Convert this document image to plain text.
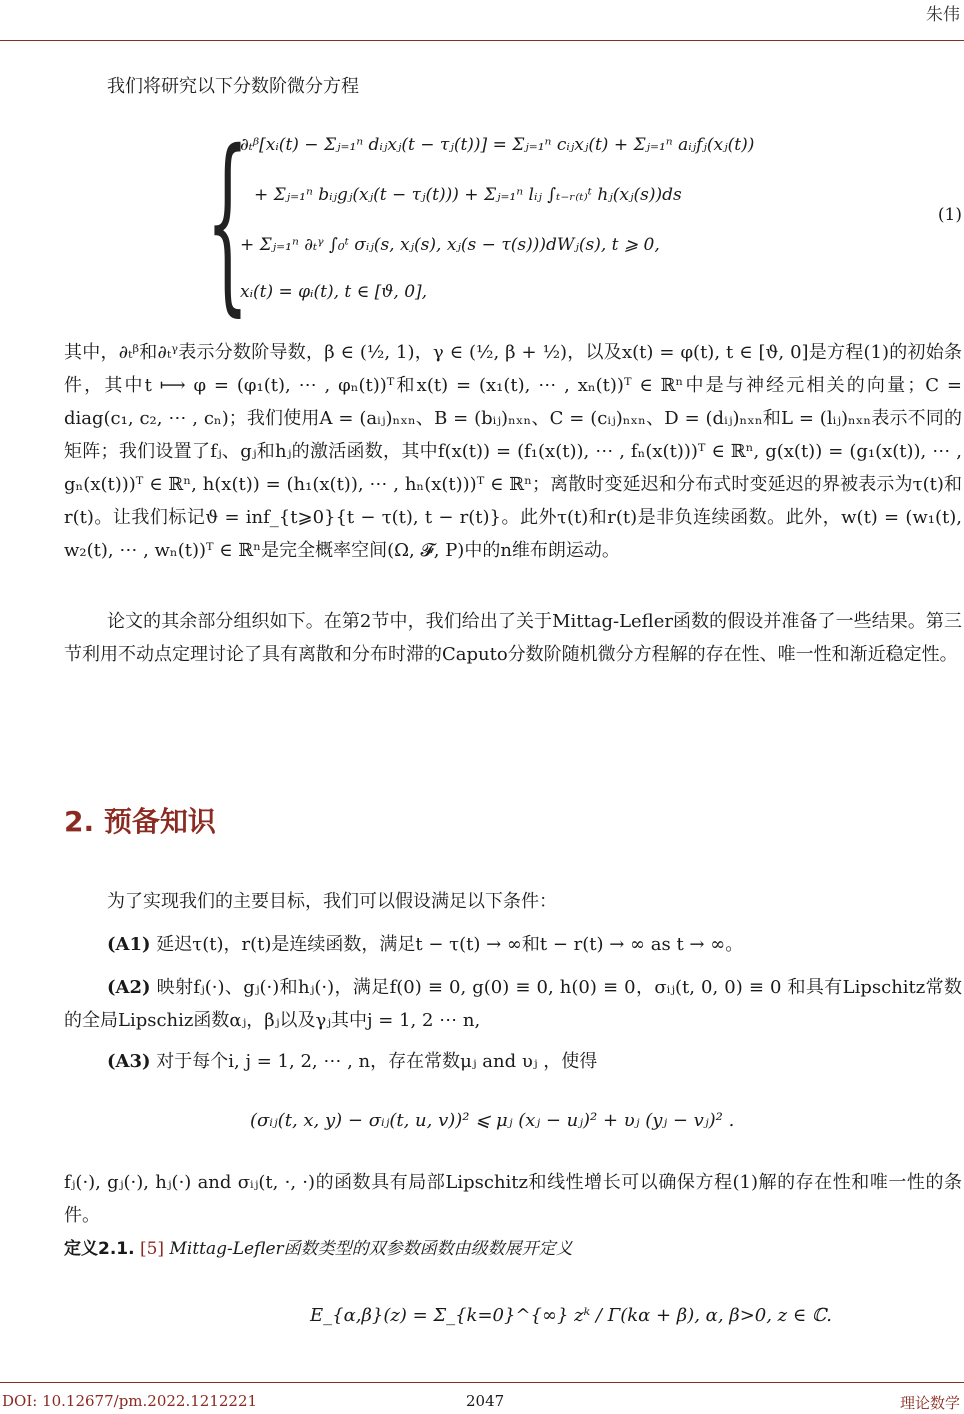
朱伟
我们将研究以下分数阶微分方程
{
∂ₜᵝ[xᵢ(t) − Σⱼ₌₁ⁿ dᵢⱼxⱼ(t − τⱼ(t))] = Σⱼ₌₁ⁿ cᵢⱼxⱼ(t) + Σⱼ₌₁ⁿ aᵢⱼfⱼ(xⱼ(t))
+ Σⱼ₌₁ⁿ bᵢⱼgⱼ(xⱼ(t − τⱼ(t))) + Σⱼ₌₁ⁿ lᵢⱼ ∫ₜ₋ᵣ₍ₜ₎ᵗ hⱼ(xⱼ(s))ds
+ Σⱼ₌₁ⁿ ∂ₜᵞ ∫₀ᵗ σᵢⱼ(s, xⱼ(s), xⱼ(s − τ(s)))dWⱼ(s), t ⩾ 0,
xᵢ(t) = φᵢ(t), t ∈ [ϑ, 0],
(1)
其中，∂ₜᵝ和∂ₜᵞ表示分数阶导数，β ∈ (½, 1)，γ ∈ (½, β + ½)，以及x(t) = φ(t), t ∈ [ϑ, 0]是方程(1)的初始条件，其中t ⟼ φ = (φ₁(t), ⋯ , φₙ(t))ᵀ和x(t) = (x₁(t), ⋯ , xₙ(t))ᵀ ∈ ℝⁿ中是与神经元相关的向量；C = diag(c₁, c₂, ⋯ , cₙ)；我们使用A = (aᵢⱼ)ₙₓₙ、B = (bᵢⱼ)ₙₓₙ、C = (cᵢⱼ)ₙₓₙ、D = (dᵢⱼ)ₙₓₙ和L = (lᵢⱼ)ₙₓₙ表示不同的矩阵；我们设置了fⱼ、gⱼ和hⱼ的激活函数，其中f(x(t)) = (f₁(x(t)), ⋯ , fₙ(x(t)))ᵀ ∈ ℝⁿ, g(x(t)) = (g₁(x(t)), ⋯ , gₙ(x(t)))ᵀ ∈ ℝⁿ, h(x(t)) = (h₁(x(t)), ⋯ , hₙ(x(t)))ᵀ ∈ ℝⁿ；离散时变延迟和分布式时变延迟的界被表示为τ(t)和r(t)。让我们标记ϑ = inf_{t⩾0}{t − τ(t), t − r(t)}。此外τ(t)和r(t)是非负连续函数。此外，w(t) = (w₁(t), w₂(t), ⋯ , wₙ(t))ᵀ ∈ ℝⁿ是完全概率空间(Ω, 𝓕, P)中的n维布朗运动。
论文的其余部分组织如下。在第2节中，我们给出了关于Mittag-Lefler函数的假设并准备了一些结果。第三节利用不动点定理讨论了具有离散和分布时滞的Caputo分数阶随机微分方程解的存在性、唯一性和渐近稳定性。
2. 预备知识
为了实现我们的主要目标，我们可以假设满足以下条件：
(A1) 延迟τ(t)，r(t)是连续函数，满足t − τ(t) → ∞和t − r(t) → ∞ as t → ∞。
(A2) 映射fⱼ(·)、gⱼ(·)和hⱼ(·)，满足f(0) ≡ 0, g(0) ≡ 0, h(0) ≡ 0，σᵢⱼ(t, 0, 0) ≡ 0 和具有Lipschitz常数的全局Lipschiz函数αⱼ，βⱼ以及γⱼ其中j = 1, 2 ⋯ n,
(A3) 对于每个i, j = 1, 2, ⋯ , n，存在常数μⱼ and υⱼ ，使得
(σᵢⱼ(t, x, y) − σᵢⱼ(t, u, v))² ⩽ μⱼ (xⱼ − uⱼ)² + υⱼ (yⱼ − vⱼ)² .
fⱼ(·), gⱼ(·), hⱼ(·) and σᵢⱼ(t, ·, ·)的函数具有局部Lipschitz和线性增长可以确保方程(1)解的存在性和唯一性的条件。
定义2.1. [5] Mittag-Lefler函数类型的双参数函数由级数展开定义
E_{α,β}(z) = Σ_{k=0}^{∞} zᵏ / Γ(kα + β), α, β>0, z ∈ ℂ.
DOI: 10.12677/pm.2022.1212221	2047	理论数学
